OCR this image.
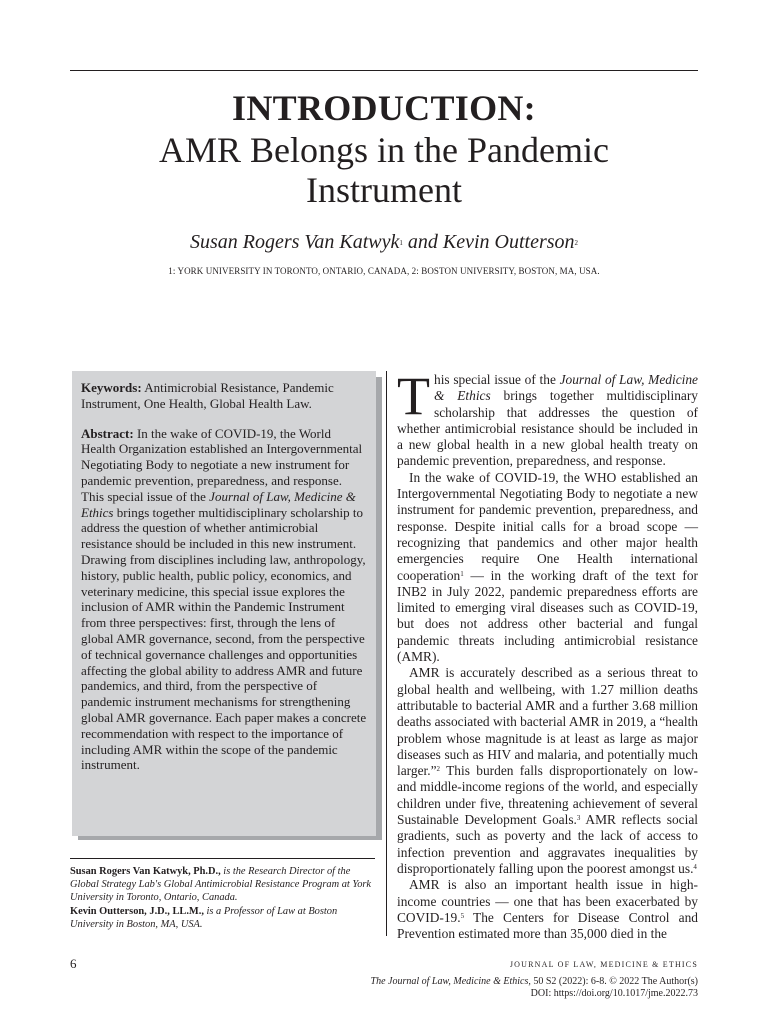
INTRODUCTION:
AMR Belongs in the Pandemic Instrument
Susan Rogers Van Katwyk$^1$ and Kevin Outterson$^2$
1: YORK UNIVERSITY IN TORONTO, ONTARIO, CANADA, 2: BOSTON UNIVERSITY, BOSTON, MA, USA.

Keywords: Antimicrobial Resistance, Pandemic Instrument, One Health, Global Health Law.

Abstract: In the wake of COVID-19, the World Health Organization established an Intergovernmental Negotiating Body to negotiate a new instrument for pandemic prevention, preparedness, and response. This special issue of the Journal of Law, Medicine & Ethics brings together multidisciplinary scholarship to address the question of whether antimicrobial resistance should be included in this new instrument. Drawing from disciplines including law, anthropology, history, public health, public policy, economics, and veterinary medicine, this special issue explores the inclusion of AMR within the Pandemic Instrument from three perspectives: first, through the lens of global AMR governance, second, from the perspective of technical governance challenges and opportunities affecting the global ability to address AMR and future pandemics, and third, from the perspective of pandemic instrument mechanisms for strengthening global AMR governance. Each paper makes a concrete recommendation with respect to the importance of including AMR within the scope of the pandemic instrument.

Susan Rogers Van Katwyk, Ph.D., is the Research Director of the Global Strategy Lab's Global Antimicrobial Resistance Program at York University in Toronto, Ontario, Canada.

Kevin Outterson, J.D., LL.M., is a Professor of Law at Boston University in Boston, MA, USA.

This special issue of the Journal of Law, Medicine & Ethics brings together multidisciplinary scholarship that addresses the question of whether antimicrobial resistance should be included in a new global health in a new global health treaty on pandemic prevention, preparedness, and response.

In the wake of COVID-19, the WHO established an Intergovernmental Negotiating Body to negotiate a new instrument for pandemic prevention, preparedness, and response. Despite initial calls for a broad scope — recognizing that pandemics and other major health emergencies require One Health international cooperation$^1$ — in the working draft of the text for INB2 in July 2022, pandemic preparedness efforts are limited to emerging viral diseases such as COVID-19, but does not address other bacterial and fungal pandemic threats including antimicrobial resistance (AMR).

AMR is accurately described as a serious threat to global health and wellbeing, with 1.27 million deaths attributable to bacterial AMR and a further 3.68 million deaths associated with bacterial AMR in 2019, a “health problem whose magnitude is at least as large as major diseases such as HIV and malaria, and potentially much larger.”$^2$ This burden falls disproportionately on low- and middle-income regions of the world, and especially children under five, threatening achievement of several Sustainable Development Goals.$^3$ AMR reflects social gradients, such as poverty and the lack of access to infection prevention and aggravates inequalities by disproportionately falling upon the poorest amongst us.$^4$

AMR is also an important health issue in high-income countries — one that has been exacerbated by COVID-19.$^5$ The Centers for Disease Control and Prevention estimated more than 35,000 died in the

6	JOURNAL OF LAW, MEDICINE & ETHICS
The Journal of Law, Medicine & Ethics, 50 S2 (2022): 6-8. © 2022 The Author(s)
DOI: https://doi.org/10.1017/jme.2022.73
